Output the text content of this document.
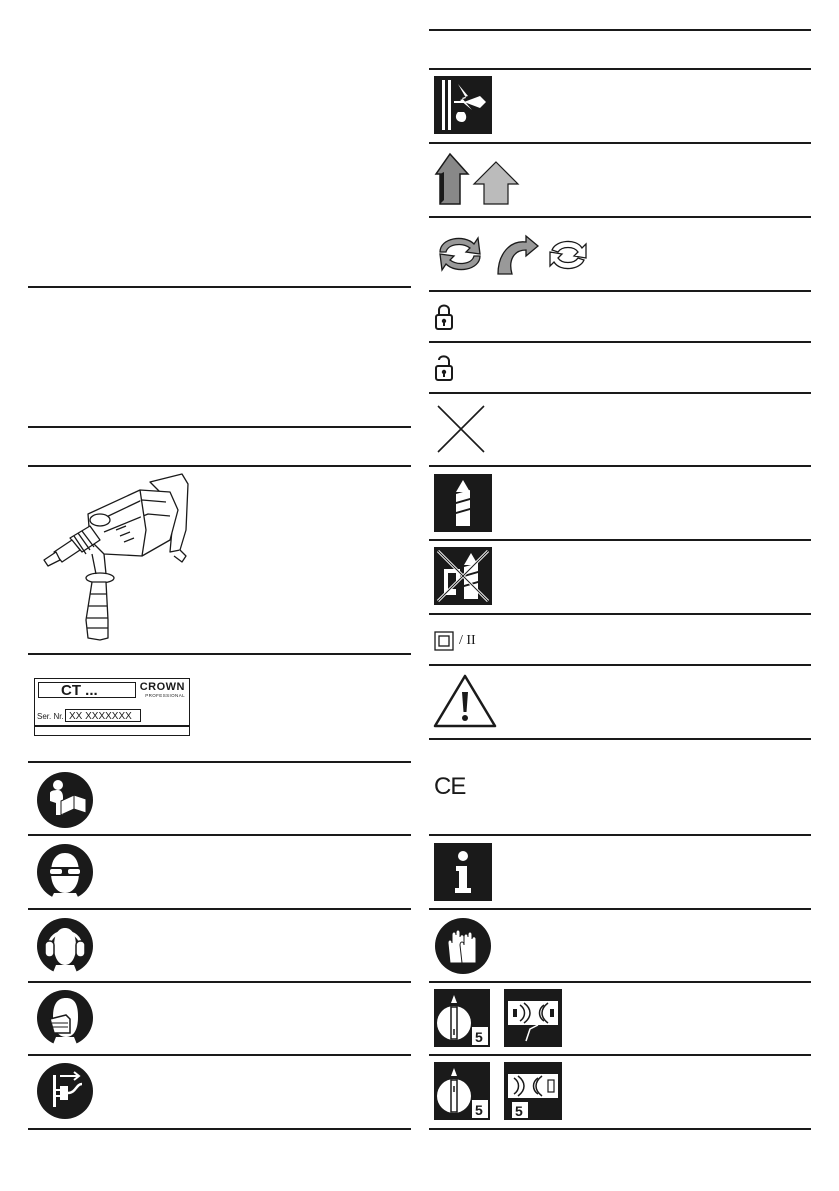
CT ...	CROWN
PROFESSIONAL
Ser. Nr. XX XXXXXXX
/ II
CE
5
5 5
